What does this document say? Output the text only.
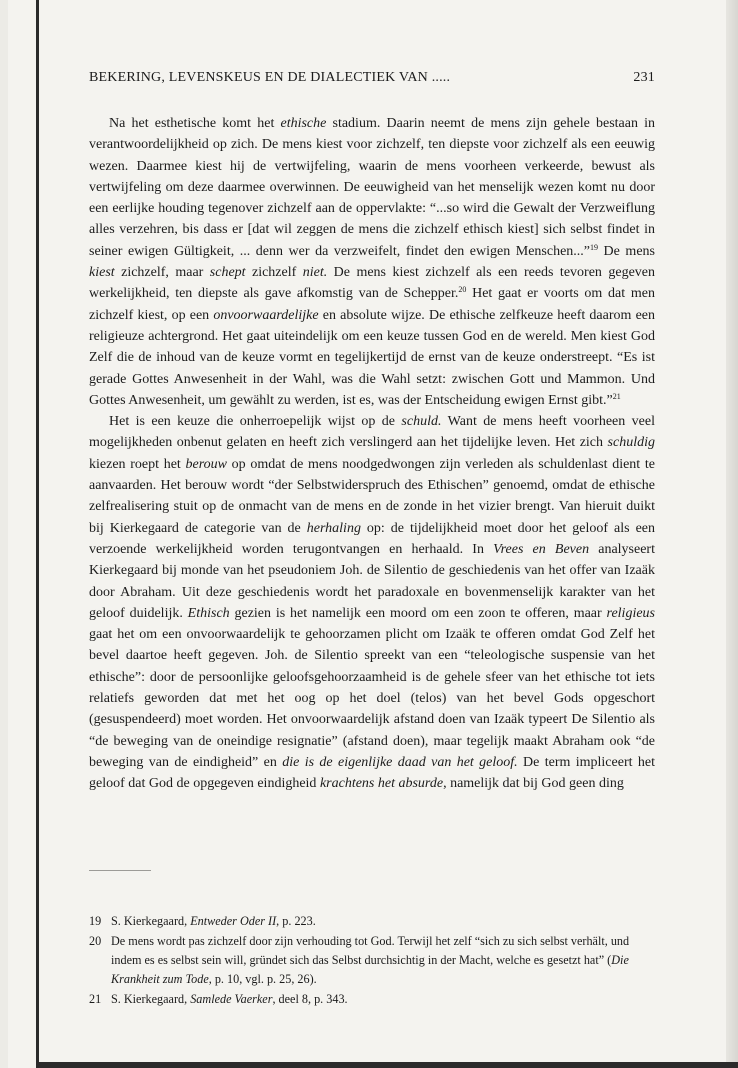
BEKERING, LEVENSKEUS EN DE DIALECTIEK VAN .....	231

Na het esthetische komt het ethische stadium. Daarin neemt de mens zijn gehele bestaan in verantwoordelijkheid op zich. De mens kiest voor zichzelf, ten diepste voor zichzelf als een eeuwig wezen. Daarmee kiest hij de vertwijfeling, waarin de mens voorheen verkeerde, bewust als vertwijfeling om deze daarmee overwinnen. De eeuwigheid van het menselijk wezen komt nu door een eerlijke houding tegenover zichzelf aan de oppervlakte: “...so wird die Gewalt der Verzweiflung alles verzehren, bis dass er [dat wil zeggen de mens die zichzelf ethisch kiest] sich selbst findet in seiner ewigen Gültigkeit, ... denn wer da verzweifelt, findet den ewigen Menschen...”$^{19}$ De mens kiest zichzelf, maar schept zichzelf niet. De mens kiest zichzelf als een reeds tevoren gegeven werkelijkheid, ten diepste als gave afkomstig van de Schepper.$^{20}$ Het gaat er voorts om dat men zichzelf kiest, op een onvoorwaardelijke en absolute wijze. De ethische zelfkeuze heeft daarom een religieuze achtergrond. Het gaat uiteindelijk om een keuze tussen God en de wereld. Men kiest God Zelf die de inhoud van de keuze vormt en tegelijkertijd de ernst van de keuze onderstreept. “Es ist gerade Gottes Anwesenheit in der Wahl, was die Wahl setzt: zwischen Gott und Mammon. Und Gottes Anwesenheit, um gewählt zu werden, ist es, was der Entscheidung ewigen Ernst gibt.”$^{21}$

Het is een keuze die onherroepelijk wijst op de schuld. Want de mens heeft voorheen veel mogelijkheden onbenut gelaten en heeft zich verslingerd aan het tijdelijke leven. Het zich schuldig kiezen roept het berouw op omdat de mens noodgedwongen zijn verleden als schuldenlast dient te aanvaarden. Het berouw wordt “der Selbstwiderspruch des Ethischen” genoemd, omdat de ethische zelfrealisering stuit op de onmacht van de mens en de zonde in het vizier brengt. Van hieruit duikt bij Kierkegaard de categorie van de herhaling op: de tijdelijkheid moet door het geloof als een verzoende werkelijkheid worden terugontvangen en herhaald. In Vrees en Beven analyseert Kierkegaard bij monde van het pseudoniem Joh. de Silentio de geschiedenis van het offer van Izaäk door Abraham. Uit deze geschiedenis wordt het paradoxale en bovenmenselijk karakter van het geloof duidelijk. Ethisch gezien is het namelijk een moord om een zoon te offeren, maar religieus gaat het om een onvoorwaardelijk te gehoorzamen plicht om Izaäk te offeren omdat God Zelf het bevel daartoe heeft gegeven. Joh. de Silentio spreekt van een “teleologische suspensie van het ethische”: door de persoonlijke geloofsgehoorzaamheid is de gehele sfeer van het ethische tot iets relatiefs geworden dat met het oog op het doel (telos) van het bevel Gods opgeschort (gesuspendeerd) moet worden. Het onvoorwaardelijk afstand doen van Izaäk typeert De Silentio als “de beweging van de oneindige resignatie” (afstand doen), maar tegelijk maakt Abraham ook “de beweging van de eindigheid” en die is de eigenlijke daad van het geloof. De term impliceert het geloof dat God de opgegeven eindigheid krachtens het absurde, namelijk dat bij God geen ding

19 S. Kierkegaard, Entweder Oder II, p. 223.
20 De mens wordt pas zichzelf door zijn verhouding tot God. Terwijl het zelf “sich zu sich selbst verhält, und indem es es selbst sein will, gründet sich das Selbst durchsichtig in der Macht, welche es gesetzt hat” (Die Krankheit zum Tode, p. 10, vgl. p. 25, 26).
21 S. Kierkegaard, Samlede Vaerker, deel 8, p. 343.
